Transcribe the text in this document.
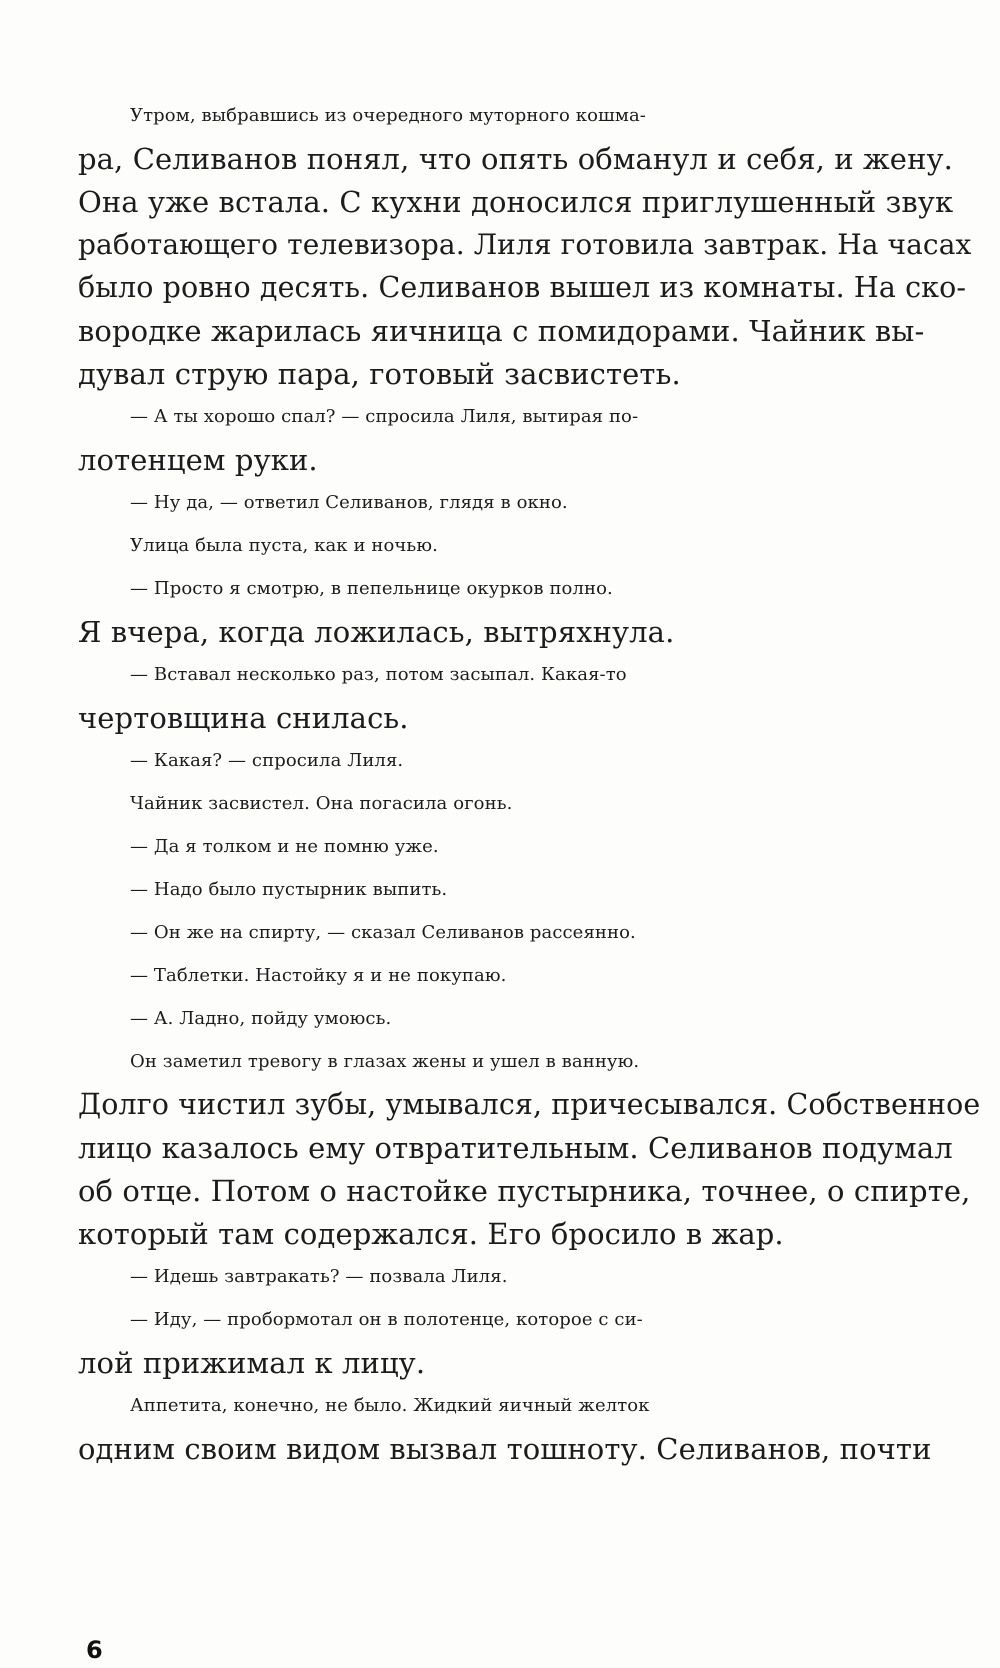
Утром, выбравшись из очередного муторного кошма-
ра, Селиванов понял, что опять обманул и себя, и жену.
Она уже встала. С кухни доносился приглушенный звук
работающего телевизора. Лиля готовила завтрак. На часах
было ровно десять. Селиванов вышел из комнаты. На ско-
вородке жарилась яичница с помидорами. Чайник вы-
дувал струю пара, готовый засвистеть.
— А ты хорошо спал? — спросила Лиля, вытирая по-
лотенцем руки.
— Ну да, — ответил Селиванов, глядя в окно.
Улица была пуста, как и ночью.
— Просто я смотрю, в пепельнице окурков полно.
Я вчера, когда ложилась, вытряхнула.
— Вставал несколько раз, потом засыпал. Какая-то
чертовщина снилась.
— Какая? — спросила Лиля.
Чайник засвистел. Она погасила огонь.
— Да я толком и не помню уже.
— Надо было пустырник выпить.
— Он же на спирту, — сказал Селиванов рассеянно.
— Таблетки. Настойку я и не покупаю.
— А. Ладно, пойду умоюсь.
Он заметил тревогу в глазах жены и ушел в ванную.
Долго чистил зубы, умывался, причесывался. Собственное
лицо казалось ему отвратительным. Селиванов подумал
об отце. Потом о настойке пустырника, точнее, о спирте,
который там содержался. Его бросило в жар.
— Идешь завтракать? — позвала Лиля.
— Иду, — пробормотал он в полотенце, которое с си-
лой прижимал к лицу.
Аппетита, конечно, не было. Жидкий яичный желток
одним своим видом вызвал тошноту. Селиванов, почти
6
